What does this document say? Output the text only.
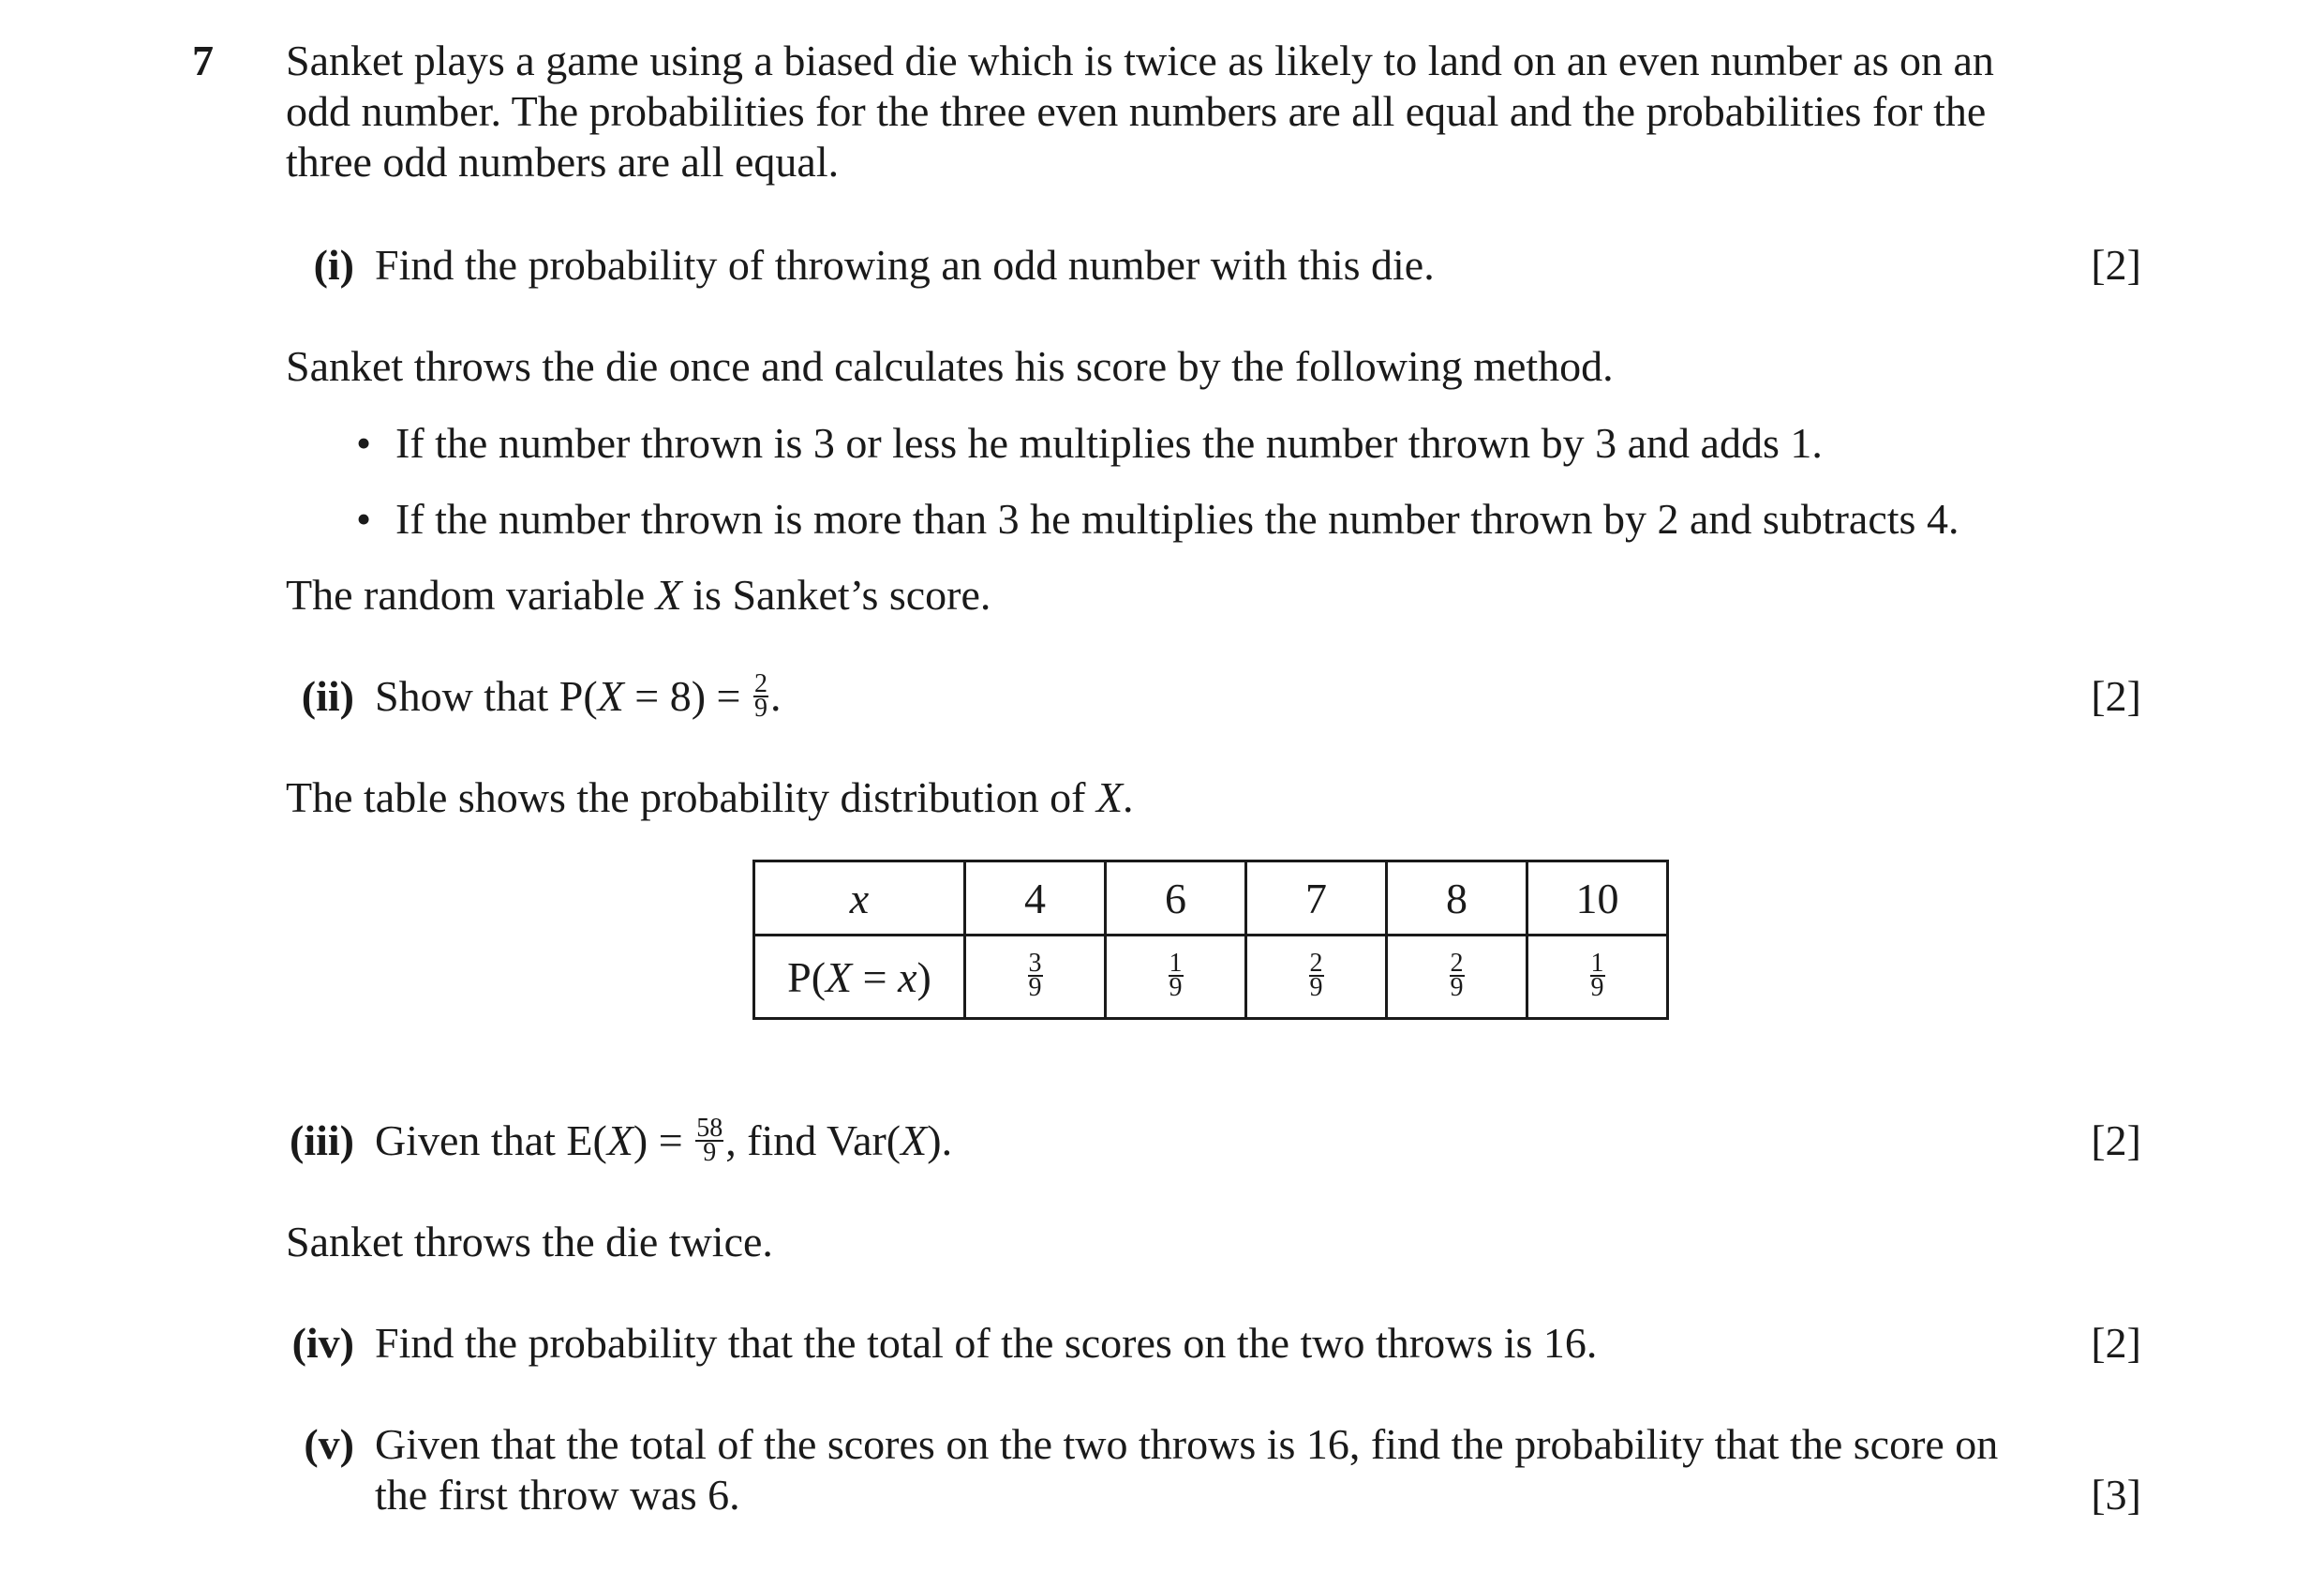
7 Sanket plays a game using a biased die which is twice as likely to land on an even number as on an
odd number. The probabilities for the three even numbers are all equal and the probabilities for the
three odd numbers are all equal.
(i) Find the probability of throwing an odd number with this die.	[2]
Sanket throws the die once and calculates his score by the following method.
• If the number thrown is 3 or less he multiplies the number thrown by 3 and adds 1.
• If the number thrown is more than 3 he multiplies the number thrown by 2 and subtracts 4.
The random variable X is Sanket’s score.
(ii) Show that $P(X = 8) = \frac{2}{9}$ .	[2]
The table shows the probability distribution of X.
x	4	6	7	8	10
P(X = x)	$\frac{3}{9}$	$\frac{1}{9}$	$\frac{2}{9}$	$\frac{2}{9}$	$\frac{1}{9}$
(iii) Given that $E(X) = \frac{58}{9}$ , find Var(X).	[2]
Sanket throws the die twice.
(iv) Find the probability that the total of the scores on the two throws is 16.	[2]
(v) Given that the total of the scores on the two throws is 16, find the probability that the score on
the first throw was 6.	[3]
